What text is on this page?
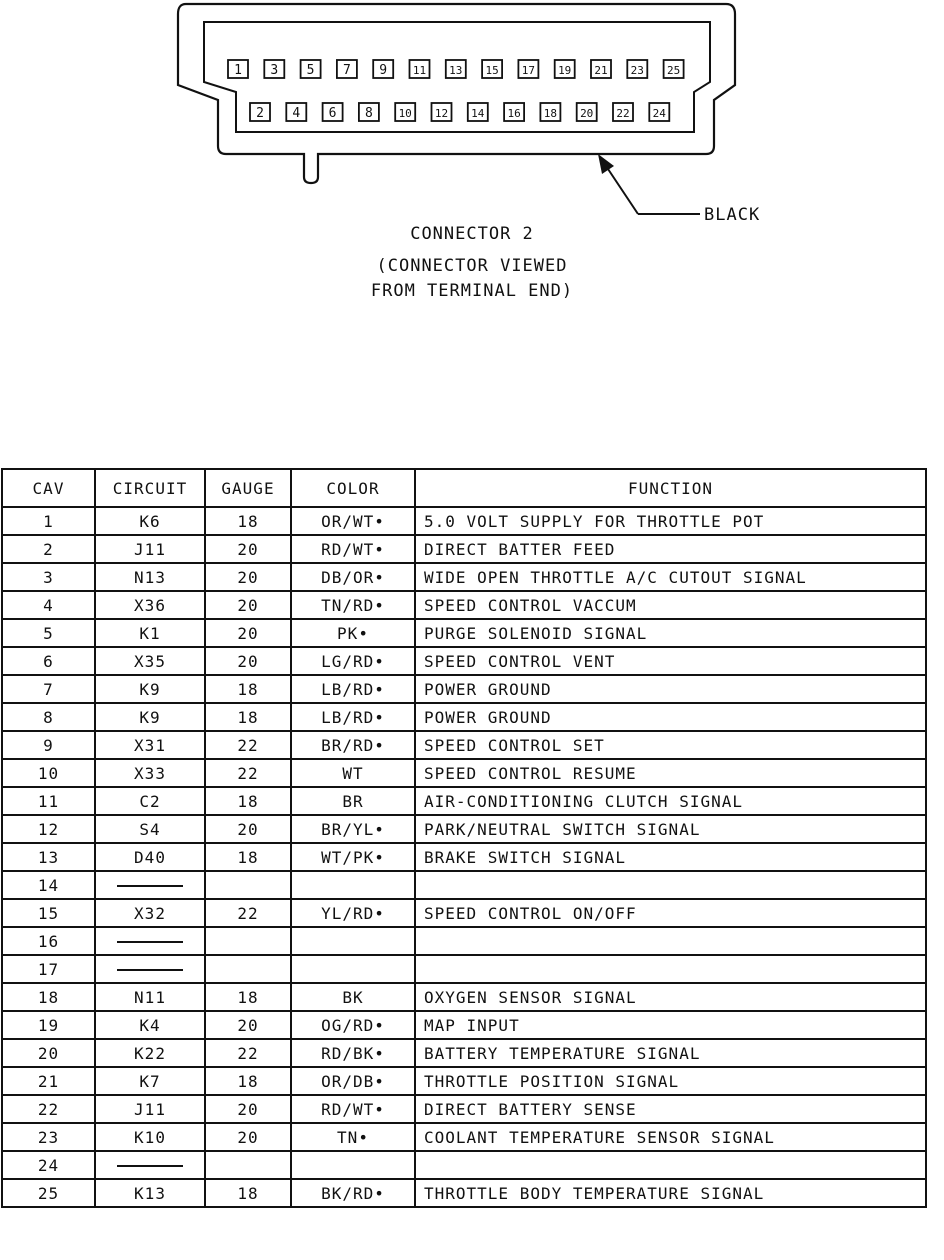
1 3 5 7 9 11 13 15 17 19 21 23 25
2 4 6 8 10 12 14 16 18 20 22 24
BLACK
CONNECTOR 2
(CONNECTOR VIEWED
FROM TERMINAL END)
CAV	CIRCUIT	GAUGE	COLOR	FUNCTION
1	K6	18	OR/WT•	5.0 VOLT SUPPLY FOR THROTTLE POT
2	J11	20	RD/WT•	DIRECT BATTER FEED
3	N13	20	DB/OR•	WIDE OPEN THROTTLE A/C CUTOUT SIGNAL
4	X36	20	TN/RD•	SPEED CONTROL VACCUM
5	K1	20	PK•	PURGE SOLENOID SIGNAL
6	X35	20	LG/RD•	SPEED CONTROL VENT
7	K9	18	LB/RD•	POWER GROUND
8	K9	18	LB/RD•	POWER GROUND
9	X31	22	BR/RD•	SPEED CONTROL SET
10	X33	22	WT	SPEED CONTROL RESUME
11	C2	18	BR	AIR-CONDITIONING CLUTCH SIGNAL
12	S4	20	BR/YL•	PARK/NEUTRAL SWITCH SIGNAL
13	D40	18	WT/PK•	BRAKE SWITCH SIGNAL
14				
15	X32	22	YL/RD•	SPEED CONTROL ON/OFF
16				
17				
18	N11	18	BK	OXYGEN SENSOR SIGNAL
19	K4	20	OG/RD•	MAP INPUT
20	K22	22	RD/BK•	BATTERY TEMPERATURE SIGNAL
21	K7	18	OR/DB•	THROTTLE POSITION SIGNAL
22	J11	20	RD/WT•	DIRECT BATTERY SENSE
23	K10	20	TN•	COOLANT TEMPERATURE SENSOR SIGNAL
24				
25	K13	18	BK/RD•	THROTTLE BODY TEMPERATURE SIGNAL
